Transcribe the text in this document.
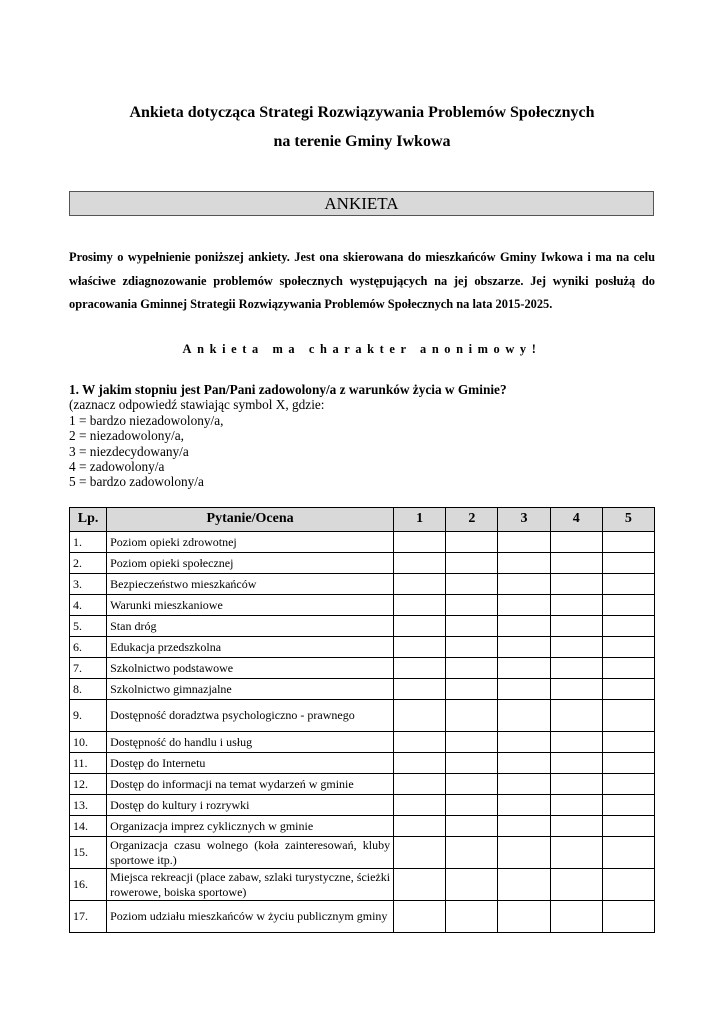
Ankieta dotycząca Strategi Rozwiązywania Problemów Społecznych
na terenie Gminy Iwkowa
ANKIETA
Prosimy o wypełnienie poniższej ankiety. Jest ona skierowana do mieszkańców Gminy Iwkowa i ma na celu właściwe zdiagnozowanie problemów społecznych występujących na jej obszarze. Jej wyniki posłużą do opracowania Gminnej Strategii Rozwiązywania Problemów Społecznych na lata 2015-2025.
Ankieta ma charakter anonimowy!
1. W jakim stopniu jest Pan/Pani zadowolony/a z warunków życia w Gminie?
(zaznacz odpowiedź stawiając symbol X, gdzie:
1 = bardzo niezadowolony/a,
2 = niezadowolony/a,
3 = niezdecydowany/a
4 = zadowolony/a
5 = bardzo zadowolony/a
Lp.	Pytanie/Ocena	1	2	3	4	5
1.	Poziom opieki zdrowotnej					
2.	Poziom opieki społecznej					
3.	Bezpieczeństwo mieszkańców					
4.	Warunki mieszkaniowe					
5.	Stan dróg					
6.	Edukacja przedszkolna					
7.	Szkolnictwo podstawowe					
8.	Szkolnictwo gimnazjalne					
9.	Dostępność doradztwa psychologiczno - prawnego					
10.	Dostępność do handlu i usług					
11.	Dostęp do Internetu					
12.	Dostęp do informacji na temat wydarzeń w gminie					
13.	Dostęp do kultury i rozrywki					
14.	Organizacja imprez cyklicznych w gminie					
15.	Organizacja czasu wolnego (koła zainteresowań, kluby sportowe itp.)					
16.	Miejsca rekreacji (place zabaw, szlaki turystyczne, ścieżki rowerowe, boiska sportowe)					
17.	Poziom udziału mieszkańców w życiu publicznym gminy					
